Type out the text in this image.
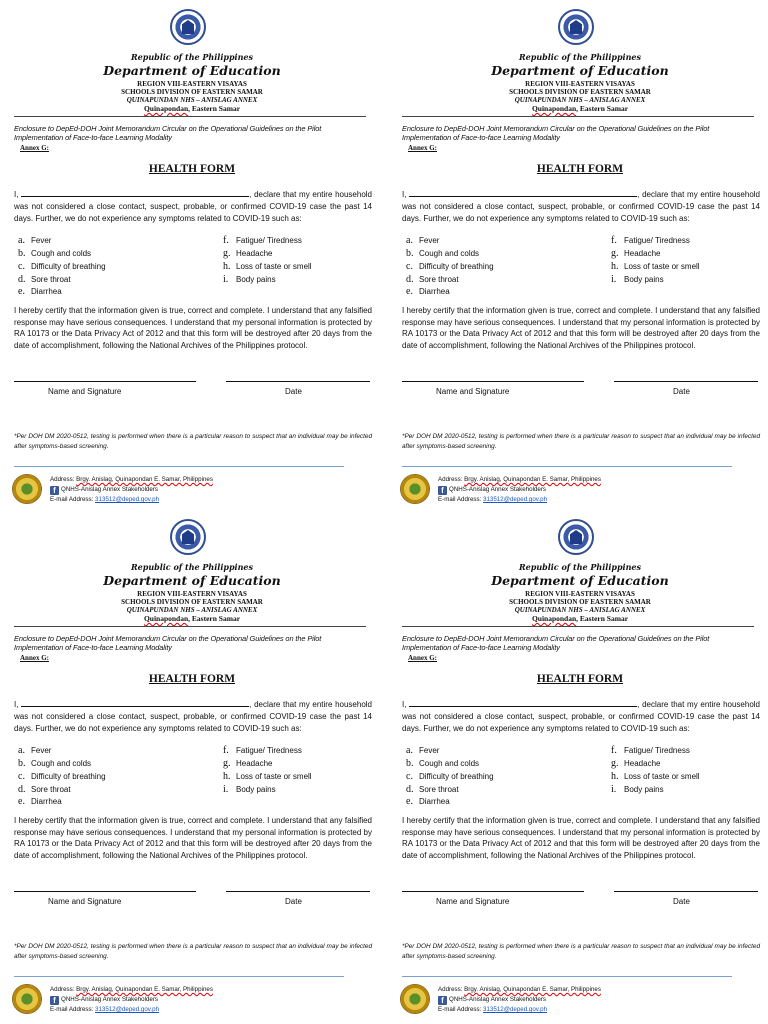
Republic of the Philippines
Department of Education
REGION VIII-EASTERN VISAYAS
SCHOOLS DIVISION OF EASTERN SAMAR
QUINAPUNDAN NHS – ANISLAG ANNEX
Quinapondan, Eastern Samar
Enclosure to DepEd-DOH Joint Memorandum Circular on the Operational Guidelines on the Pilot Implementation of Face-to-face Learning Modality
Annex G:
HEALTH FORM
I,	, declare that my entire household was not considered a close contact, suspect, probable, or confirmed COVID-19 case the past 14 days. Further, we do not experience any symptoms related to COVID-19 such as:
a. Fever
b. Cough and colds
c. Difficulty of breathing
d. Sore throat
e. Diarrhea
f. Fatigue/ Tiredness
g. Headache
h. Loss of taste or smell
i. Body pains
I hereby certify that the information given is true, correct and complete. I understand that any falsified response may have serious consequences. I understand that my personal information is protected by RA 10173 or the Data Privacy Act of 2012 and that this form will be destroyed after 20 days from the date of accomplishment, following the National Archives of the Philippines protocol.
Name and Signature	Date
*Per DOH DM 2020-0512, testing is performed when there is a particular reason to suspect that an individual may be infected after symptoms-based screening.
Address: Brgy. Anislag, Quinapondan E. Samar, Philippines
f QNHS-Anislag Annex Stakeholders
E-mail Address: 313512@deped.gov.ph
Republic of the Philippines
Department of Education
REGION VIII-EASTERN VISAYAS
SCHOOLS DIVISION OF EASTERN SAMAR
QUINAPUNDAN NHS – ANISLAG ANNEX
Quinapondan, Eastern Samar
Enclosure to DepEd-DOH Joint Memorandum Circular on the Operational Guidelines on the Pilot Implementation of Face-to-face Learning Modality
Annex G:
HEALTH FORM
I,	, declare that my entire household was not considered a close contact, suspect, probable, or confirmed COVID-19 case the past 14 days. Further, we do not experience any symptoms related to COVID-19 such as:
a. Fever
b. Cough and colds
c. Difficulty of breathing
d. Sore throat
e. Diarrhea
f. Fatigue/ Tiredness
g. Headache
h. Loss of taste or smell
i. Body pains
I hereby certify that the information given is true, correct and complete. I understand that any falsified response may have serious consequences. I understand that my personal information is protected by RA 10173 or the Data Privacy Act of 2012 and that this form will be destroyed after 20 days from the date of accomplishment, following the National Archives of the Philippines protocol.
Name and Signature	Date
*Per DOH DM 2020-0512, testing is performed when there is a particular reason to suspect that an individual may be infected after symptoms-based screening.
Address: Brgy. Anislag, Quinapondan E. Samar, Philippines
f QNHS-Anislag Annex Stakeholders
E-mail Address: 313512@deped.gov.ph
Republic of the Philippines
Department of Education
REGION VIII-EASTERN VISAYAS
SCHOOLS DIVISION OF EASTERN SAMAR
QUINAPUNDAN NHS – ANISLAG ANNEX
Quinapondan, Eastern Samar
Enclosure to DepEd-DOH Joint Memorandum Circular on the Operational Guidelines on the Pilot Implementation of Face-to-face Learning Modality
Annex G:
HEALTH FORM
I,	, declare that my entire household was not considered a close contact, suspect, probable, or confirmed COVID-19 case the past 14 days. Further, we do not experience any symptoms related to COVID-19 such as:
a. Fever
b. Cough and colds
c. Difficulty of breathing
d. Sore throat
e. Diarrhea
f. Fatigue/ Tiredness
g. Headache
h. Loss of taste or smell
i. Body pains
I hereby certify that the information given is true, correct and complete. I understand that any falsified response may have serious consequences. I understand that my personal information is protected by RA 10173 or the Data Privacy Act of 2012 and that this form will be destroyed after 20 days from the date of accomplishment, following the National Archives of the Philippines protocol.
Name and Signature	Date
*Per DOH DM 2020-0512, testing is performed when there is a particular reason to suspect that an individual may be infected after symptoms-based screening.
Address: Brgy. Anislag, Quinapondan E. Samar, Philippines
f QNHS-Anislag Annex Stakeholders
E-mail Address: 313512@deped.gov.ph
Republic of the Philippines
Department of Education
REGION VIII-EASTERN VISAYAS
SCHOOLS DIVISION OF EASTERN SAMAR
QUINAPUNDAN NHS – ANISLAG ANNEX
Quinapondan, Eastern Samar
Enclosure to DepEd-DOH Joint Memorandum Circular on the Operational Guidelines on the Pilot Implementation of Face-to-face Learning Modality
Annex G:
HEALTH FORM
I,	, declare that my entire household was not considered a close contact, suspect, probable, or confirmed COVID-19 case the past 14 days. Further, we do not experience any symptoms related to COVID-19 such as:
a. Fever
b. Cough and colds
c. Difficulty of breathing
d. Sore throat
e. Diarrhea
f. Fatigue/ Tiredness
g. Headache
h. Loss of taste or smell
i. Body pains
I hereby certify that the information given is true, correct and complete. I understand that any falsified response may have serious consequences. I understand that my personal information is protected by RA 10173 or the Data Privacy Act of 2012 and that this form will be destroyed after 20 days from the date of accomplishment, following the National Archives of the Philippines protocol.
Name and Signature	Date
*Per DOH DM 2020-0512, testing is performed when there is a particular reason to suspect that an individual may be infected after symptoms-based screening.
Address: Brgy. Anislag, Quinapondan E. Samar, Philippines
f QNHS-Anislag Annex Stakeholders
E-mail Address: 313512@deped.gov.ph
